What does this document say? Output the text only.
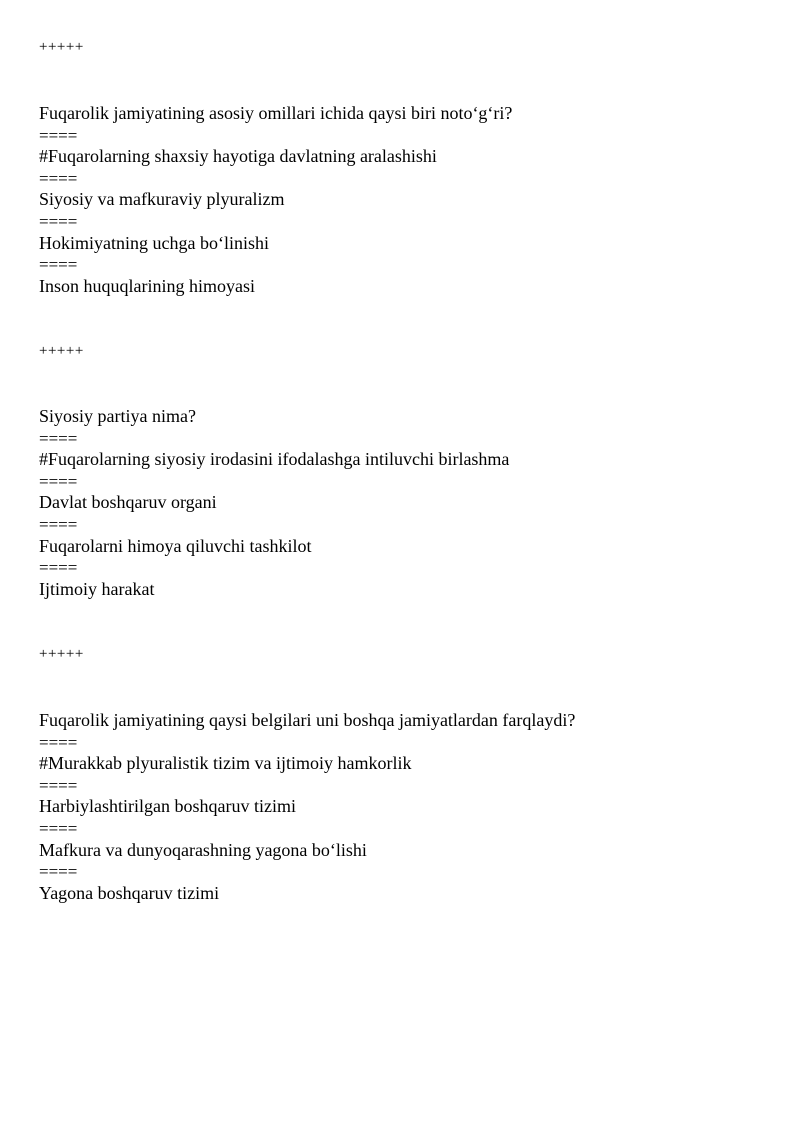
+++++
Fuqarolik jamiyatining asosiy omillari ichida qaysi biri noto‘g‘ri?
====
#Fuqarolarning shaxsiy hayotiga davlatning aralashishi
====
Siyosiy va mafkuraviy plyuralizm
====
Hokimiyatning uchga bo‘linishi
====
Inson huquqlarining himoyasi
+++++
Siyosiy partiya nima?
====
#Fuqarolarning siyosiy irodasini ifodalashga intiluvchi birlashma
====
Davlat boshqaruv organi
====
Fuqarolarni himoya qiluvchi tashkilot
====
Ijtimoiy harakat
+++++
Fuqarolik jamiyatining qaysi belgilari uni boshqa jamiyatlardan farqlaydi?
====
#Murakkab plyuralistik tizim va ijtimoiy hamkorlik
====
Harbiylashtirilgan boshqaruv tizimi
====
Mafkura va dunyoqarashning yagona bo‘lishi
====
Yagona boshqaruv tizimi
